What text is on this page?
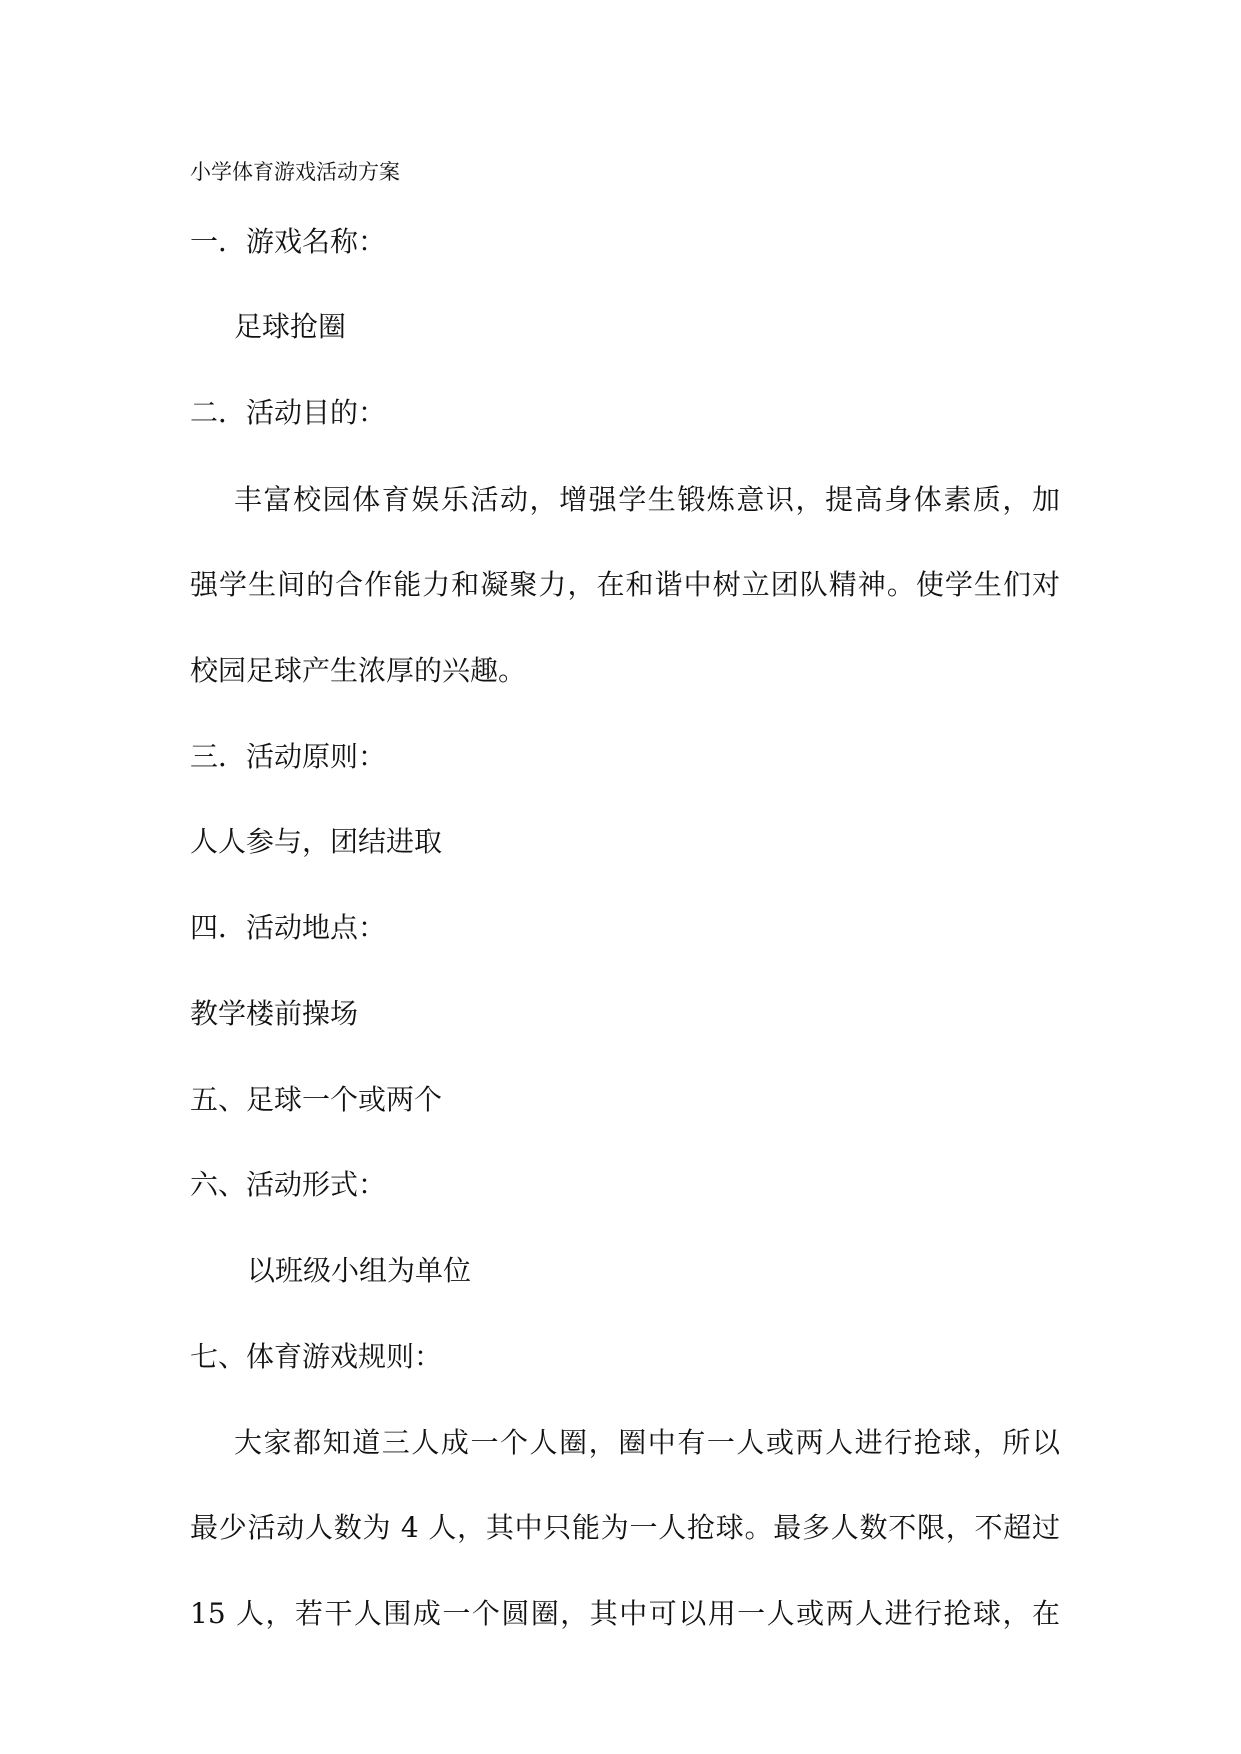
小学体育游戏活动方案
一．游戏名称：
足球抢圈
二．活动目的：
丰富校园体育娱乐活动，增强学生锻炼意识，提高身体素质，加
强学生间的合作能力和凝聚力，在和谐中树立团队精神。使学生们对
校园足球产生浓厚的兴趣。
三．活动原则：
人人参与，团结进取
四．活动地点：
教学楼前操场
五、足球一个或两个
六、活动形式：
以班级小组为单位
七、体育游戏规则：
大家都知道三人成一个人圈，圈中有一人或两人进行抢球，所以
最少活动人数为 4 人，其中只能为一人抢球。最多人数不限，不超过
15 人，若干人围成一个圆圈，其中可以用一人或两人进行抢球，在
